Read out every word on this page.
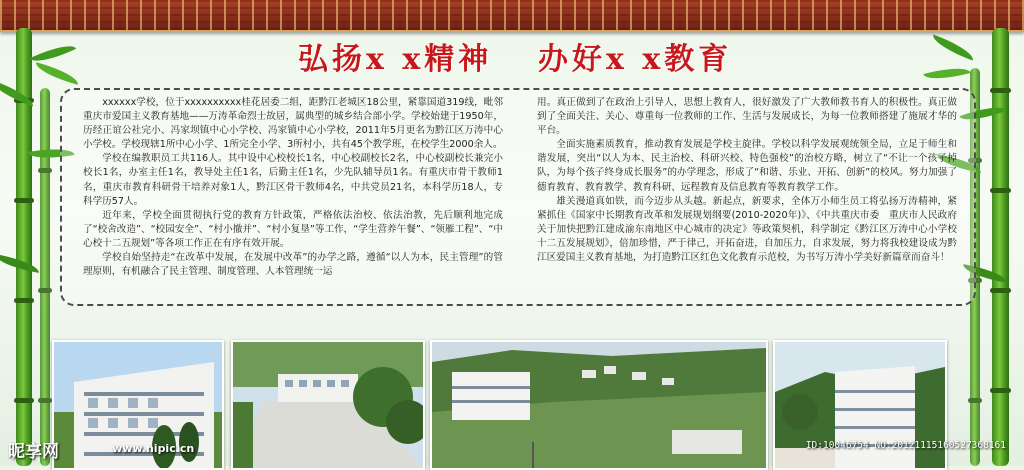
弘扬x x精神 办好x x教育

xxxxxx学校，位于xxxxxxxxxx桂花居委二组，距黔江老城区18公里，紧靠国道319线，毗邻重庆市爱国主义教育基地——万涛革命烈士故居，属典型的城乡结合部小学。学校始建于1950年，历经正谊公社完小、冯家坝镇中心小学校、冯家镇中心小学校，2011年5月更名为黔江区万涛中心小学校。学校现辖1所中心小学、1所完全小学、3所村小，共有45个教学班，在校学生2000余人。

学校在编教职员工共116人。其中设中心校校长1名，中心校副校长2名，中心校副校长兼完小校长1名，办室主任1名，教导处主任1名，后勤主任1名，少先队辅导员1名。有重庆市骨干教师1名，重庆市教育科研骨干培养对象1人，黔江区骨干教师4名，中共党员21名，本科学历18人，专科学历57人。

近年来，学校全面贯彻执行党的教育方针政策，严格依法治校、依法治教，先后顺利地完成了“校舍改造”、“校园安全”、“村小撤并”、“村小复垦”等工作，“学生营养午餐”、“领雁工程”、“中心校十二五规划”等各项工作正在有序有效开展。

学校自始坚持走“在改革中发展，在发展中改革”的办学之路，遵循“以人为本，民主管理”的管理原则，有机融合了民主管理、制度管理、人本管理统一运

用。真正做到了在政治上引导人，思想上教育人，很好激发了广大教师教书育人的积极性。真正做到了全面关注、关心、尊重每一位教师的工作、生活与发展成长，为每一位教师搭建了施展才华的平台。

全面实施素质教育，推动教育发展是学校主旋律。学校以科学发展观统领全局，立足于师生和谐发展，突出“以人为本、民主治校、科研兴校、特色强校”的治校方略，树立了“不让一个孩子掉队，为每个孩子终身成长服务”的办学理念，形成了“和谐、乐业、开拓、创新”的校风。努力加强了德育教育、教育教学、教育科研、远程教育及信息教育等教育教学工作。

雄关漫道真如铁，而今迈步从头越。新起点，新要求，全体万小师生员工将弘扬万涛精神，紧紧抓住《国家中长期教育改革和发展规划纲要(2010-2020年)》、《中共重庆市委　重庆市人民政府关于加快把黔江建成渝东南地区中心城市的决定》等政策契机，科学制定《黔江区万涛中心小学校十二五发展规划》，倍加珍惜，严于律己，开拓奋进，自加压力，自求发展，努力将我校建设成为黔江区爱国主义教育基地，为打造黔江区红色文化教育示范校，为书写万涛小学美好新篇章而奋斗！

昵享网	www.nipic.cn	ID:10046754 NO:20121115160527368161
